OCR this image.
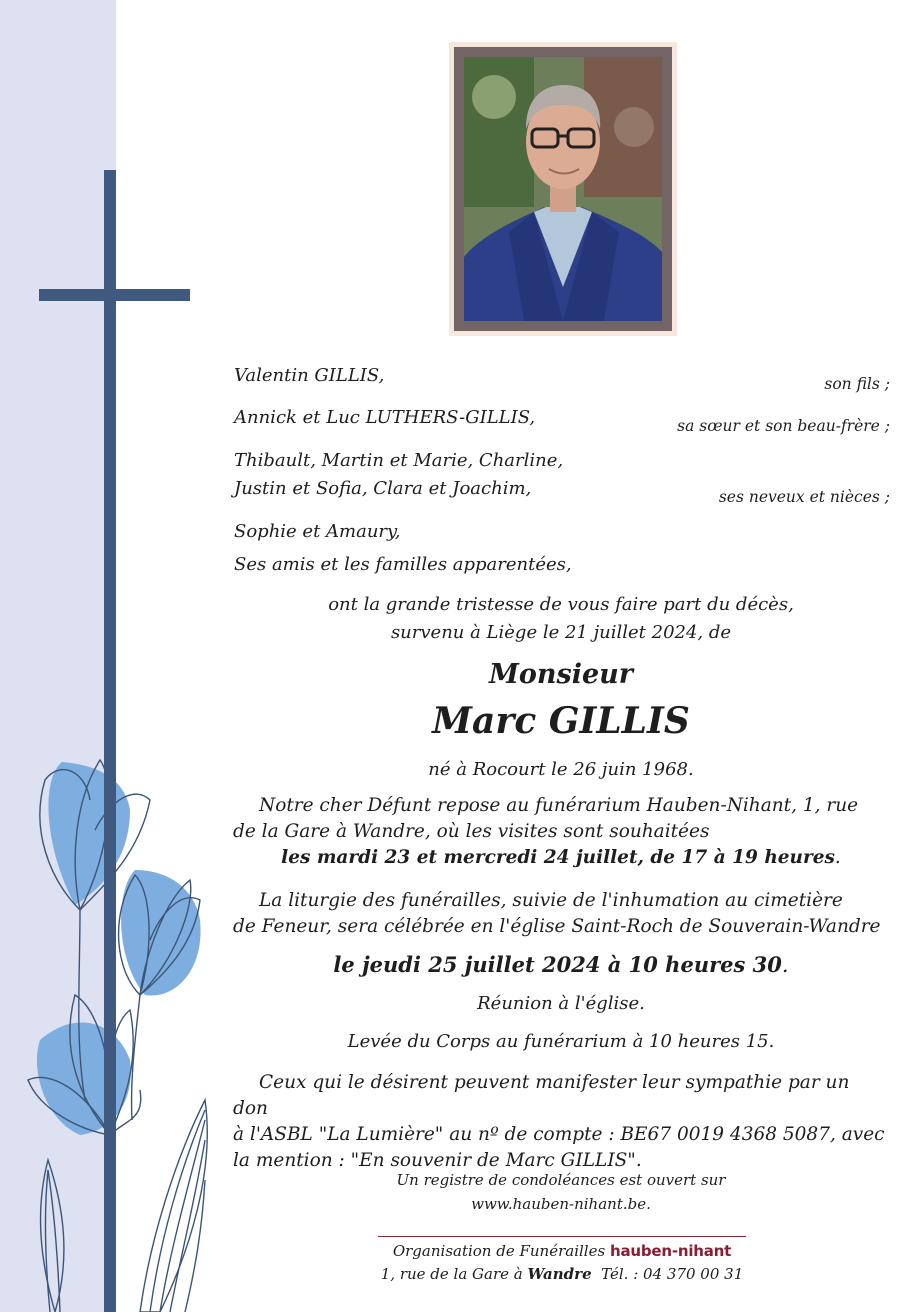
Valentin GILLIS,	son fils ;
Annick et Luc LUTHERS-GILLIS,	sa sœur et son beau-frère ;
Thibault, Martin et Marie, Charline,
Justin et Sofia, Clara et Joachim,	ses neveux et nièces ;
Sophie et Amaury,
Ses amis et les familles apparentées,
ont la grande tristesse de vous faire part du décès,
survenu à Liège le 21 juillet 2024, de
Monsieur
Marc GILLIS
né à Rocourt le 26 juin 1968.

Notre cher Défunt repose au funérarium Hauben-Nihant, 1, rue

de la Gare à Wandre, où les visites sont souhaitées

les mardi 23 et mercredi 24 juillet, de 17 à 19 heures.

La liturgie des funérailles, suivie de l'inhumation au cimetière

de Feneur, sera célébrée en l'église Saint-Roch de Souverain-Wandre

le jeudi 25 juillet 2024 à 10 heures 30.
Réunion à l'église.
Levée du Corps au funérarium à 10 heures 15.

Ceux qui le désirent peuvent manifester leur sympathie par un don

à l'ASBL "La Lumière" au nº de compte : BE67 0019 4368 5087, avec

la mention : "En souvenir de Marc GILLIS".

Un registre de condoléances est ouvert sur
www.hauben-nihant.be.
Organisation de Funérailles hauben-nihant
1, rue de la Gare à Wandre Tél. : 04 370 00 31
